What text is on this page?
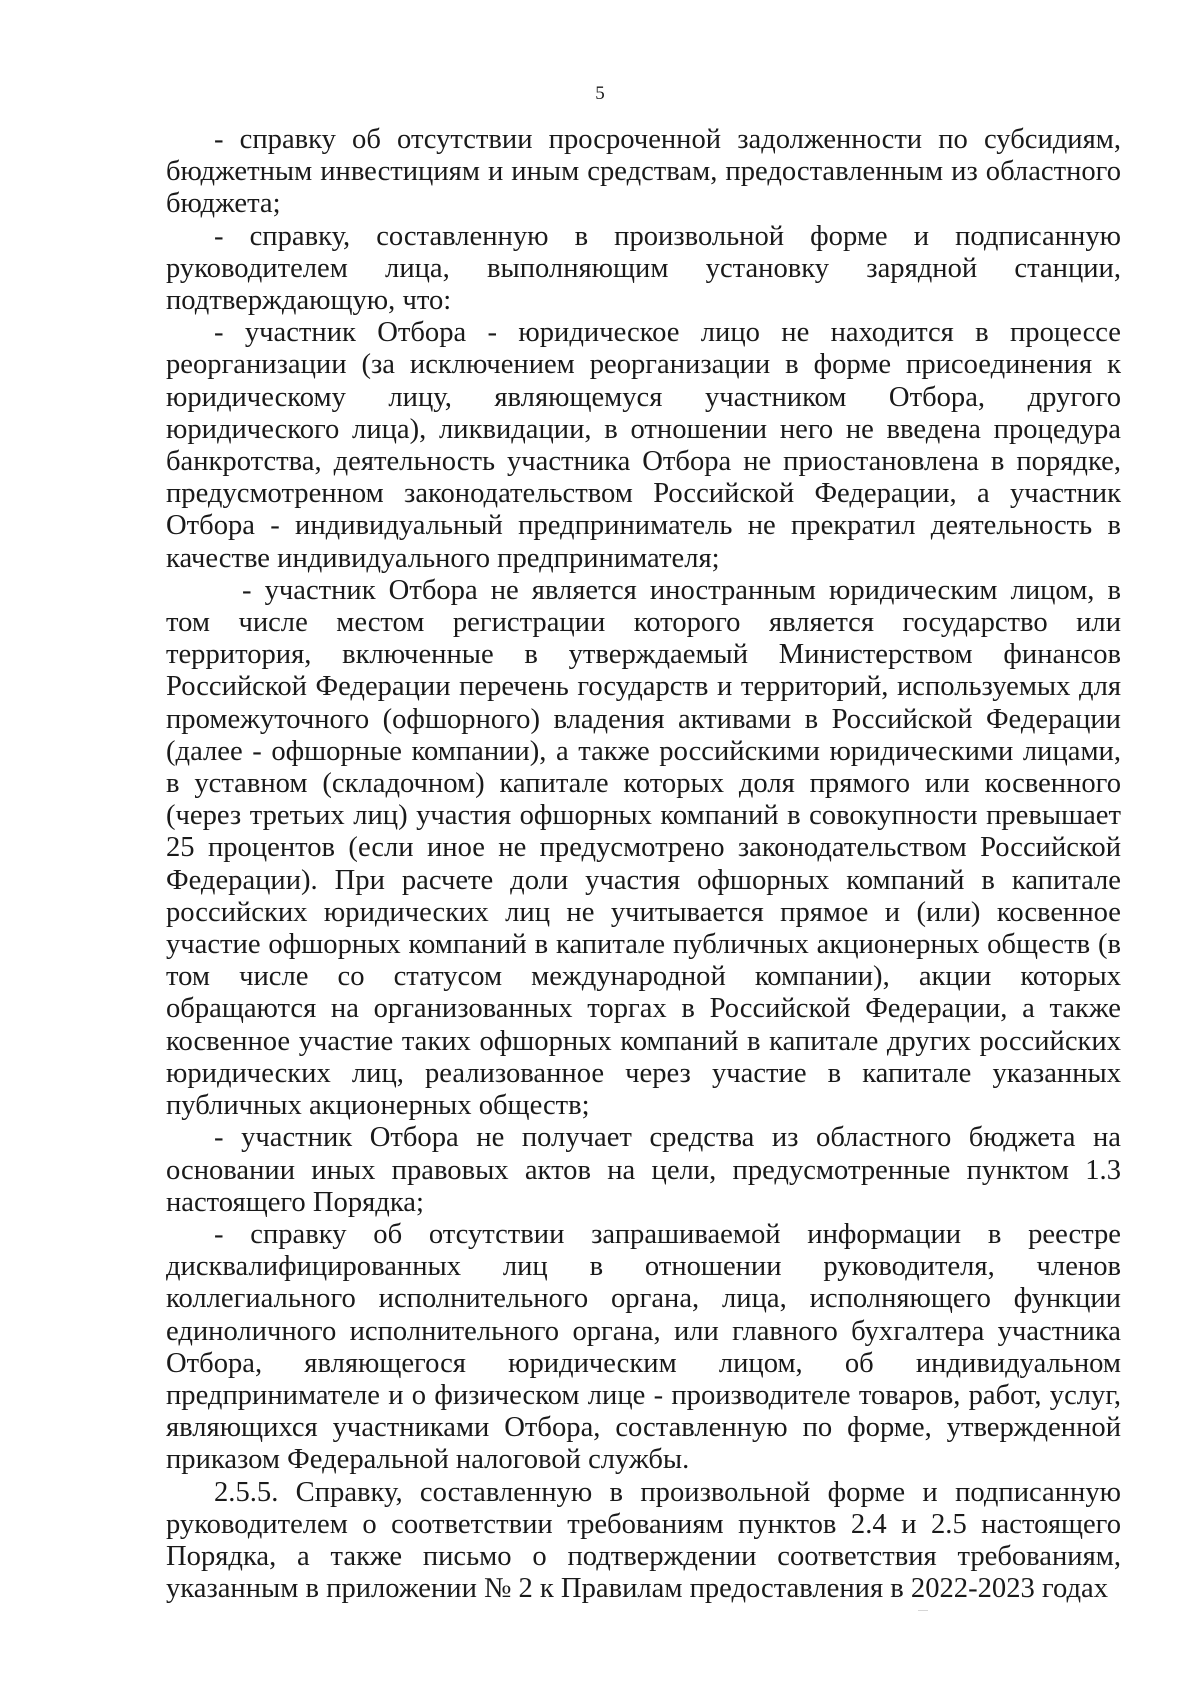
5

- справку об отсутствии просроченной задолженности по субсидиям, бюджетным инвестициям и иным средствам, предоставленным из областного бюджета;

- справку, составленную в произвольной форме и подписанную руководителем лица, выполняющим установку зарядной станции, подтверждающую, что:

- участник Отбора - юридическое лицо не находится в процессе реорганизации (за исключением реорганизации в форме присоединения к юридическому лицу, являющемуся участником Отбора, другого юридического лица), ликвидации, в отношении него не введена процедура банкротства, деятельность участника Отбора не приостановлена в порядке, предусмотренном законодательством Российской Федерации, а участник Отбора - индивидуальный предприниматель не прекратил деятельность в качестве индивидуального предпринимателя;

- участник Отбора не является иностранным юридическим лицом, в том числе местом регистрации которого является государство или территория, включенные в утверждаемый Министерством финансов Российской Федерации перечень государств и территорий, используемых для промежуточного (офшорного) владения активами в Российской Федерации (далее - офшорные компании), а также российскими юридическими лицами, в уставном (складочном) капитале которых доля прямого или косвенного (через третьих лиц) участия офшорных компаний в совокупности превышает 25 процентов (если иное не предусмотрено законодательством Российской Федерации). При расчете доли участия офшорных компаний в капитале российских юридических лиц не учитывается прямое и (или) косвенное участие офшорных компаний в капитале публичных акционерных обществ (в том числе со статусом международной компании), акции которых обращаются на организованных торгах в Российской Федерации, а также косвенное участие таких офшорных компаний в капитале других российских юридических лиц, реализованное через участие в капитале указанных публичных акционерных обществ;

- участник Отбора не получает средства из областного бюджета на основании иных правовых актов на цели, предусмотренные пунктом 1.3 настоящего Порядка;

- справку об отсутствии запрашиваемой информации в реестре дисквалифицированных лиц в отношении руководителя, членов коллегиального исполнительного органа, лица, исполняющего функции единоличного исполнительного органа, или главного бухгалтера участника Отбора, являющегося юридическим лицом, об индивидуальном предпринимателе и о физическом лице - производителе товаров, работ, услуг, являющихся участниками Отбора, составленную по форме, утвержденной приказом Федеральной налоговой службы.

2.5.5. Справку, составленную в произвольной форме и подписанную руководителем о соответствии требованиям пунктов 2.4 и 2.5 настоящего Порядка, а также письмо о подтверждении соответствия требованиям, указанным в приложении № 2 к Правилам предоставления в 2022-2023 годах
